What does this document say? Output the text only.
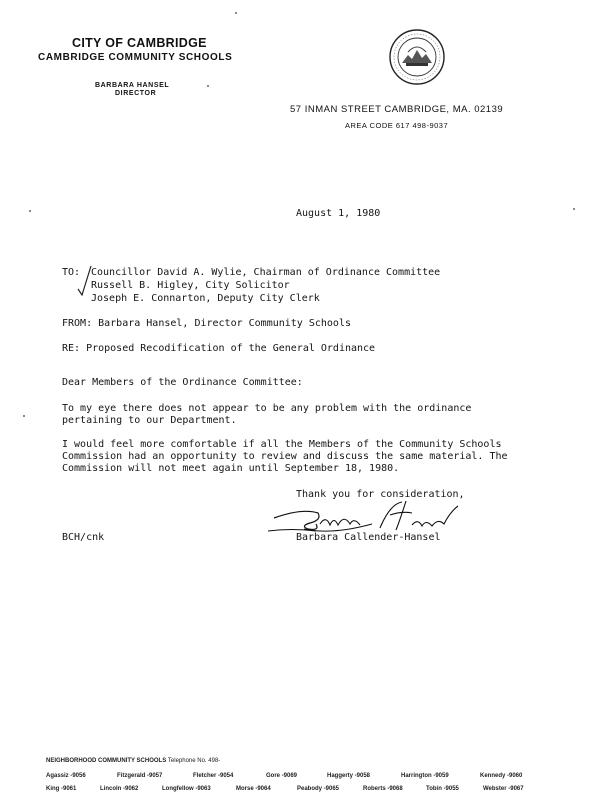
CITY OF CAMBRIDGE
CAMBRIDGE COMMUNITY SCHOOLS
BARBARA HANSEL
DIRECTOR
57 INMAN STREET CAMBRIDGE, MA. 02139
AREA CODE 617 498-9037
August 1, 1980
TO: Councillor David A. Wylie, Chairman of Ordinance Committee
Russell B. Higley, City Solicitor
Joseph E. Connarton, Deputy City Clerk
FROM: Barbara Hansel, Director Community Schools
RE: Proposed Recodification of the General Ordinance
Dear Members of the Ordinance Committee:
To my eye there does not appear to be any problem with the ordinance
pertaining to our Department.
I would feel more comfortable if all the Members of the Community Schools
Commission had an opportunity to review and discuss the same material. The
Commission will not meet again until September 18, 1980.
Thank you for consideration,
Barbara Callender-Hansel
BCH/cnk
NEIGHBORHOOD COMMUNITY SCHOOLS Telephone No. 498-
Agassiz -9056	Fitzgerald -9057	Fletcher -9054	Gore -9069	Haggerty -9058	Harrington -9059	Kennedy -9060
King -9061	Lincoln -9062	Longfellow -9063	Morse -9064	Peabody -9065	Roberts -9068	Tobin -9055	Webster -9067
